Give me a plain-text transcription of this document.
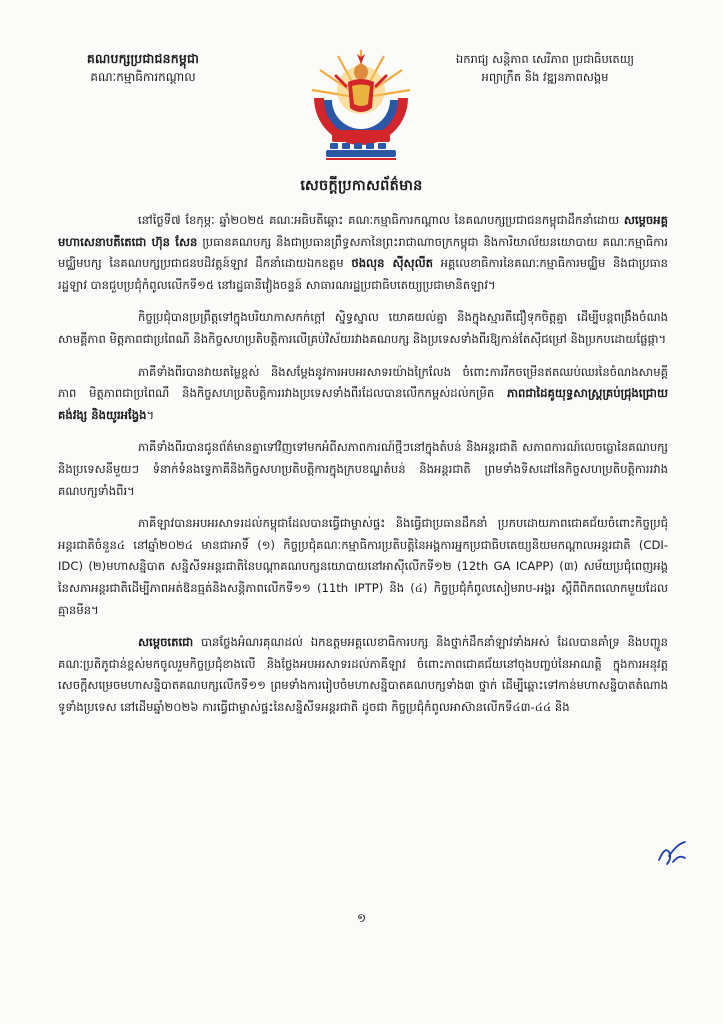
គណបក្សប្រជាជនកម្ពុជា
គណៈកម្មាធិការកណ្តាល
ឯករាជ្យ សន្តិភាព សេរីភាព ប្រជាធិបតេយ្យ
អព្យាក្រឹត និង វឌ្ឍនភាពសង្គម
សេចក្តីប្រកាសព័ត៌មាន

នៅថ្ងៃទី៧ ខែកុម្ភៈ ឆ្នាំ២០២៥ គណៈអធិបតីឆ្ពោះ គណៈកម្មាធិការកណ្តាល នៃគណបក្សប្រជាជនកម្ពុជាដឹកនាំដោយ សម្តេចអគ្គមហាសេនាបតីតេជោ ហ៊ុន សែន ប្រធានគណបក្ស និងជាប្រធានព្រឹទ្ធសភានៃព្រះរាជាណាចក្រកម្ពុជា និងការិយាល័យនយោបាយ គណៈកម្មាធិការមជ្ឈិមបក្ស នៃគណបក្សប្រជាជនបដិវត្តន៍ឡាវ ដឹកនាំដោយឯកឧត្តម ថងលុន ស៊ីសុលីត អគ្គលេខាធិការនៃគណៈកម្មាធិការមជ្ឈិម និងជាប្រធានរដ្ឋឡាវ បានជួបប្រជុំកំពូលលើកទី១៥ នៅរដ្ឋធានីវៀងចន្ទន៍ សាធារណរដ្ឋប្រជាធិបតេយ្យប្រជាមានិតឡាវ។

កិច្ចប្រជុំបានប្រព្រឹត្តទៅក្នុងបរិយាកាសកក់ក្តៅ ស្និទ្ធស្នាល យោគយល់គ្នា និងក្នុងស្មារតីជឿទុកចិត្តគ្នា ដើម្បីបន្តពង្រឹងចំណងសាមគ្គីភាព មិត្តភាពជាប្រពៃណី និងកិច្ចសហប្រតិបត្តិការលើគ្រប់វិស័យរវាងគណបក្ស និងប្រទេសទាំងពីរឱ្យកាន់តែស៊ីជម្រៅ និងប្រកបដោយផ្លែផ្កា។

ភាគីទាំងពីរបានវាយតម្លៃខ្ពស់ និងសម្តែងនូវការអបអរសាទរយ៉ាងក្រៃលែង ចំពោះការរីកចម្រើនឥតឈប់ឈរនៃចំណងសាមគ្គីភាព មិត្តភាពជាប្រពៃណី និងកិច្ចសហប្រតិបត្តិការរវាងប្រទេសទាំងពីរដែលបានលើកកម្ពស់ដល់កម្រិត ភាពជាដៃគូយុទ្ធសាស្ត្រគ្រប់ជ្រុងជ្រោយ គង់វង្ស និងយូរអង្វែង។

ភាគីទាំងពីរបានជូនព័ត៌មានគ្នាទៅវិញទៅមកអំពីសភាពការណ៍ថ្មីៗនៅក្នុងតំបន់ និងអន្តរជាតិ សភាពការណ៍លេចធ្លោនៃគណបក្ស និងប្រទេសនីមួយៗ ទំនាក់ទំនងទ្វេភាគីនិងកិច្ចសហប្រតិបត្តិការក្នុងក្របខណ្ឌតំបន់ និងអន្តរជាតិ ព្រមទាំងទិសដៅនៃកិច្ចសហប្រតិបត្តិការរវាងគណបក្សទាំងពីរ។

ភាគីឡាវបានអបអរសាទរដល់កម្ពុជាដែលបានធ្វើជាម្ចាស់ផ្ទះ និងធ្វើជាប្រធានដឹកនាំ ប្រកបដោយភាពជោគជ័យចំពោះកិច្ចប្រជុំអន្តរជាតិចំនួន៤ នៅឆ្នាំ២០២៤ មានជាអាទិ៍ (១) កិច្ចប្រជុំគណៈកម្មាធិការប្រតិបត្តិនៃអង្គការអ្នកប្រជាធិបតេយ្យនិយមកណ្តាលអន្តរជាតិ (CDI-IDC) (២)មហាសន្និបាត សន្និសីទអន្តរជាតិនៃបណ្តាគណបក្សនយោបាយនៅអាស៊ីលើកទី១២ (12th GA ICAPP) (៣) សម័យប្រជុំពេញអង្គនៃសភាអន្តរជាតិដើម្បីភាពអត់ឱនធ្មត់និងសន្តិភាពលើកទី១១ (11th IPTP) និង (៤) កិច្ចប្រជុំកំពូលសៀមរាប-អង្គរ ស្តីពីពិភពលោកមួយដែលគ្មានមីន។

សម្តេចតេជោ បានថ្លែងអំណរគុណដល់ ឯកឧត្តមអគ្គលេខាធិការបក្ស និងថ្នាក់ដឹកនាំឡាវទាំងអស់ ដែលបានគាំទ្រ និងបញ្ជូនគណៈប្រតិភូជាន់ខ្ពស់មកចូលរួមកិច្ចប្រជុំខាងលើ និងថ្លែងអបអរសាទរដល់ភាគីឡាវ ចំពោះភាពជោគជ័យនៅចុងបញ្ចប់នៃអាណត្តិ ក្នុងការអនុវត្តសេចក្តីសម្រេចមហាសន្និបាតគណបក្សលើកទី១១ ព្រមទាំងការរៀបចំមហាសន្និបាតគណបក្សទាំង៣ ថ្នាក់ ដើម្បីឆ្ពោះទៅកាន់មហាសន្និបាតតំណាងទូទាំងប្រទេស នៅដើមឆ្នាំ២០២៦ ការធ្វើជាម្ចាស់ផ្ទះនៃសន្និសីទអន្តរជាតិ ដូចជា កិច្ចប្រជុំកំពូលអាស៊ានលើកទី៤៣-៤៤ និង

១
